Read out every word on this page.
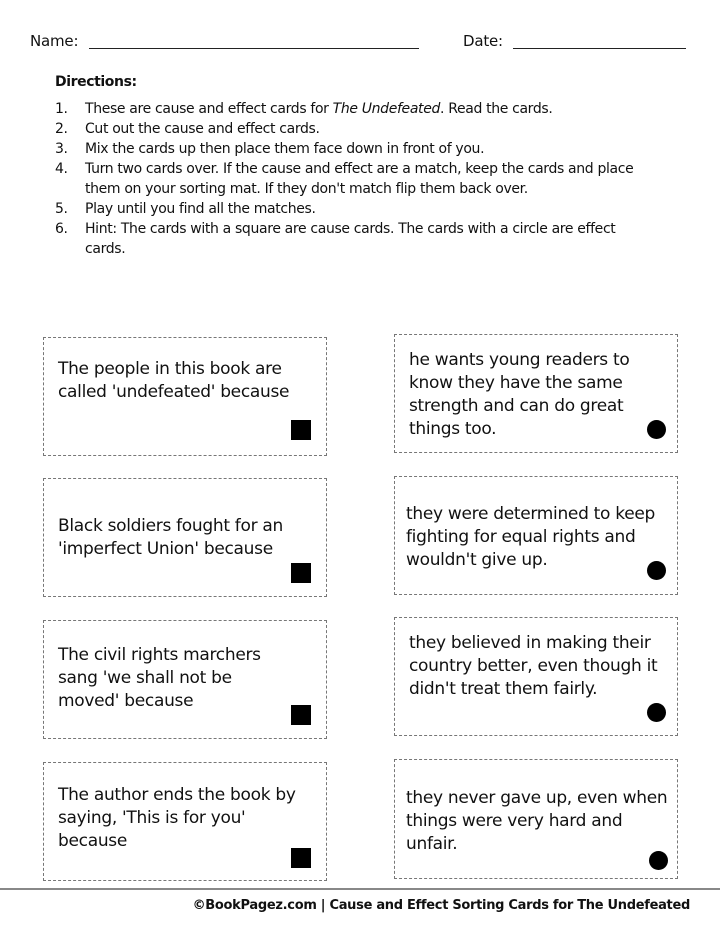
Name:	Date:
Directions:
1.	These are cause and effect cards for The Undefeated. Read the cards.
2.	Cut out the cause and effect cards.
3.	Mix the cards up then place them face down in front of you.
4.	Turn two cards over. If the cause and effect are a match, keep the cards and place them on your sorting mat. If they don't match flip them back over.
5.	Play until you find all the matches.
6.	Hint: The cards with a square are cause cards. The cards with a circle are effect cards.
The people in this book are called 'undefeated' because
Black soldiers fought for an 'imperfect Union' because
The civil rights marchers sang 'we shall not be moved' because
The author ends the book by saying, 'This is for you' because
he wants young readers to know they have the same strength and can do great things too.
they were determined to keep fighting for equal rights and wouldn't give up.
they believed in making their country better, even though it didn't treat them fairly.
they never gave up, even when things were very hard and unfair.
©BookPagez.com | Cause and Effect Sorting Cards for The Undefeated
